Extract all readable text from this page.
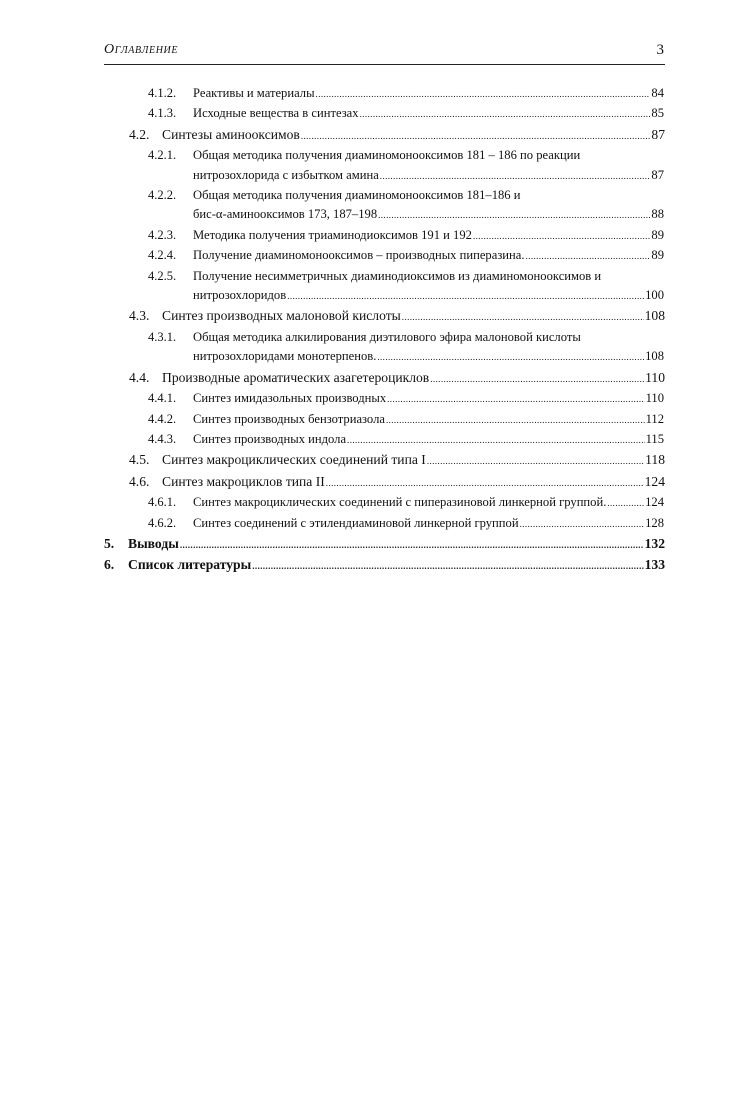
Оглавление	3
4.1.2. Реактивы и материалы .....	84
4.1.3. Исходные вещества в синтезах .....	85
4.2. Синтезы аминооксимов .....	87
4.2.1. Общая методика получения диаминомонооксимов 181 – 186 по реакции
нитрозохлорида с избытком амина .....	87
4.2.2. Общая методика получения диаминомонооксимов 181–186 и
бис-α-аминооксимов 173, 187–198 .....	88
4.2.3. Методика получения триаминодиоксимов 191 и 192 .....	89
4.2.4. Получение диаминомонооксимов – производных пиперазина. .....	89
4.2.5. Получение несимметричных диаминодиоксимов из диаминомонооксимов и
нитрозохлоридов .....	100
4.3. Синтез производных малоновой кислоты .....	108
4.3.1. Общая методика алкилирования диэтилового эфира малоновой кислоты
нитрозохлоридами монотерпенов. .....	108
4.4. Производные ароматических азагетероциклов .....	110
4.4.1. Синтез имидазольных производных .....	110
4.4.2. Синтез производных бензотриазола .....	112
4.4.3. Синтез производных индола .....	115
4.5. Синтез макроциклических соединений типа I .....	118
4.6. Синтез макроциклов типа II .....	124
4.6.1. Синтез макроциклических соединений с пиперазиновой линкерной группой. .....	124
4.6.2. Синтез соединений с этилендиаминовой линкерной группой .....	128
5. Выводы .....	132
6. Список литературы .....	133
